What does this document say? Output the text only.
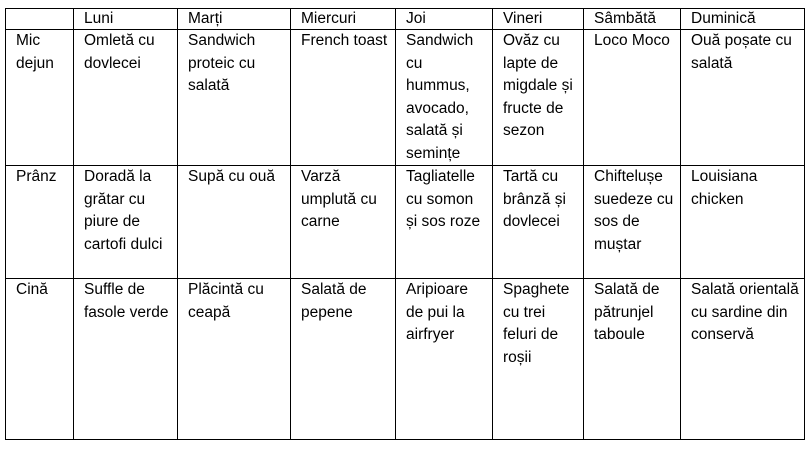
	Luni	Marți	Miercuri	Joi	Vineri	Sâmbătă	Duminică
Mic dejun	Omletă cu dovlecei	Sandwich proteic cu salată	French toast	Sandwich cu hummus, avocado, salată și semințe	Ovăz cu lapte de migdale și fructe de sezon	Loco Moco	Ouă poșate cu salată
Prânz	Doradă la grătar cu piure de cartofi dulci	Supă cu ouă	Varză umplută cu carne	Tagliatelle cu somon și sos roze	Tartă cu brânză și dovlecei	Chiftelușe suedeze cu sos de muștar	Louisiana chicken
Cină	Suffle de fasole verde	Plăcintă cu ceapă	Salată de pepene	Aripioare de pui la airfryer	Spaghete cu trei feluri de roșii	Salată de pătrunjel taboule	Salată orientală cu sardine din conservă
